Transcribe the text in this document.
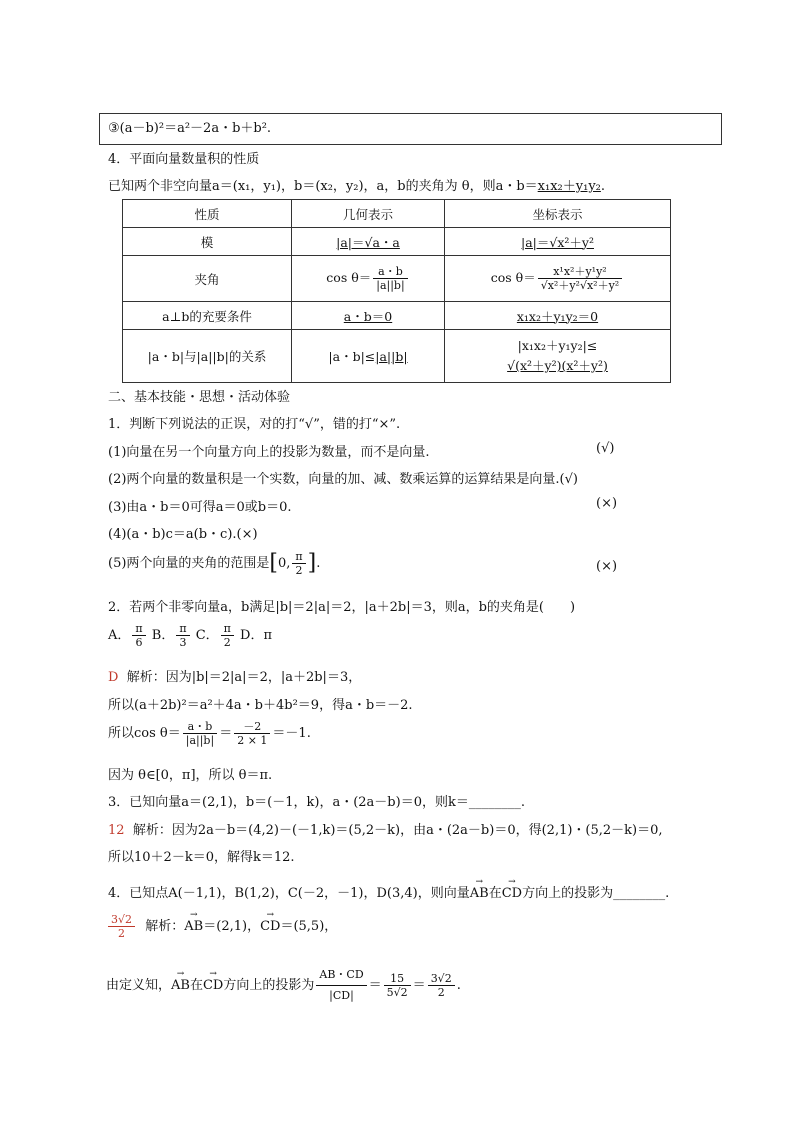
③(a－b)²＝a²－2a・b＋b².
4．平面向量数量积的性质
已知两个非空向量a＝(x₁，y₁)，b＝(x₂，y₂)，a，b的夹角为 θ，则a・b＝x₁x₂＋y₁y₂.
性质	几何表示	坐标表示
模	|a|＝√a・a	|a|＝√x²＋y²
夹角	$\cos \theta= \frac{a・b}{|a||b|}$	$\cos \theta= \frac{\text{x¹x²＋y¹y²}}{\text{√x²＋y²√x²＋y²}}$

a⊥b的充要条件	a・b＝0	x₁x₂＋y₁y₂＝0
|a・b|与|a||b|的关系	|a・b|≤|a||b|	|x₁x₂＋y₁y₂|≤
√(x²＋y²)(x²＋y²)
二、基本技能・思想・活动体验
1．判断下列说法的正误，对的打“√”，错的打“×”.
(1)向量在另一个向量方向上的投影为数量，而不是向量.	(√)
(2)两个向量的数量积是一个实数，向量的加、减、数乘运算的运算结果是向量.(√)
(3)由a・b＝0可得a＝0或b＝0.	(×)
(4)(a・b)c＝a(b・c).(×)
(5)两个向量的夹角的范围是[0, $\frac{\pi}{2}$ ].	(×)
2．若两个非零向量a，b满足|b|＝2|a|＝2，|a＋2b|＝3，则a，b的夹角是(　　)
A． $\frac{\pi}{6}$ B． $\frac{\pi}{3}$ C． $\frac{\pi}{2}$ D．π
D 解析：因为|b|＝2|a|＝2，|a＋2b|＝3，
所以(a＋2b)²＝a²＋4a・b＋4b²＝9，得a・b＝－2.
所以$\cos \theta= \frac{a・b}{|a||b|} = \frac{-2}{2 \times 1} =-1$.
因为 θ∈[0，π]，所以 θ＝π.
3．已知向量a＝(2,1)，b＝(－1，k)，a・(2a－b)＝0，则k＝________.
12 解析：因为2a－b＝(4,2)－(－1,k)＝(5,2－k)，由a・(2a－b)＝0，得(2,1)・(5,2－k)＝0,
所以10＋2－k＝0，解得k＝12.
4．已知点A(－1,1)，B(1,2)，C(－2，－1)，D(3,4)，则向量→ AB在→ CD方向上的投影为________.
$\frac{3√2}{2}$ 解析：→ AB＝(2,1)，→ CD＝(5,5)，
由定义知，→ AB在→ CD方向上的投影为 $\frac{AB・CD}{|CD|} = \frac{15}{5√2} = \frac{3√2}{2}$ .
